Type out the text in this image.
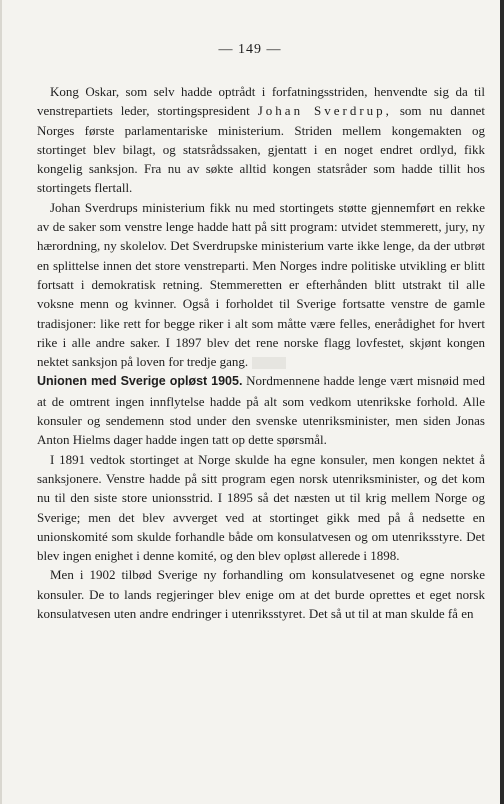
— 149 —

Kong Oskar, som selv hadde optrådt i forfatningsstriden, henvendte sig da til venstrepartiets leder, stortingspresident Johan Sverdrup, som nu dannet Norges første parlamentariske ministerium. Striden mellem kongemakten og stortinget blev bilagt, og statsrådssaken, gjentatt i en noget endret ordlyd, fikk kongelig sanksjon. Fra nu av søkte alltid kongen statsråder som hadde tillit hos stortingets flertall.

Johan Sverdrups ministerium fikk nu med stortingets støtte gjennemført en rekke av de saker som venstre lenge hadde hatt på sitt program: utvidet stemmerett, jury, ny hærordning, ny skolelov. Det Sverdrupske ministerium varte ikke lenge, da der utbrøt en splittelse innen det store venstreparti. Men Norges indre politiske utvikling er blitt fortsatt i demokratisk retning. Stemmeretten er efterhånden blitt utstrakt til alle voksne menn og kvinner. Også i forholdet til Sverige fortsatte venstre de gamle tradisjoner: like rett for begge riker i alt som måtte være felles, enerådighet for hvert rike i alle andre saker. I 1897 blev det rene norske flagg lovfestet, skjønt kongen nektet sanksjon på loven for tredje gang.

Unionen med Sverige opløst 1905. Nordmennene hadde lenge vært misnøid med at de omtrent ingen innflytelse hadde på alt som vedkom utenrikske forhold. Alle konsuler og sendemenn stod under den svenske utenriksminister, men siden Jonas Anton Hielms dager hadde ingen tatt op dette spørsmål.

I 1891 vedtok stortinget at Norge skulde ha egne konsuler, men kongen nektet å sanksjonere. Venstre hadde på sitt program egen norsk utenriksminister, og det kom nu til den siste store unionsstrid. I 1895 så det næsten ut til krig mellem Norge og Sverige; men det blev avverget ved at stortinget gikk med på å nedsette en unionskomité som skulde forhandle både om konsulatvesen og om utenriksstyre. Det blev ingen enighet i denne komité, og den blev opløst allerede i 1898.

Men i 1902 tilbød Sverige ny forhandling om konsulatvesenet og egne norske konsuler. De to lands regjeringer blev enige om at det burde oprettes et eget norsk konsulatvesen uten andre endringer i utenriksstyret. Det så ut til at man skulde få en
